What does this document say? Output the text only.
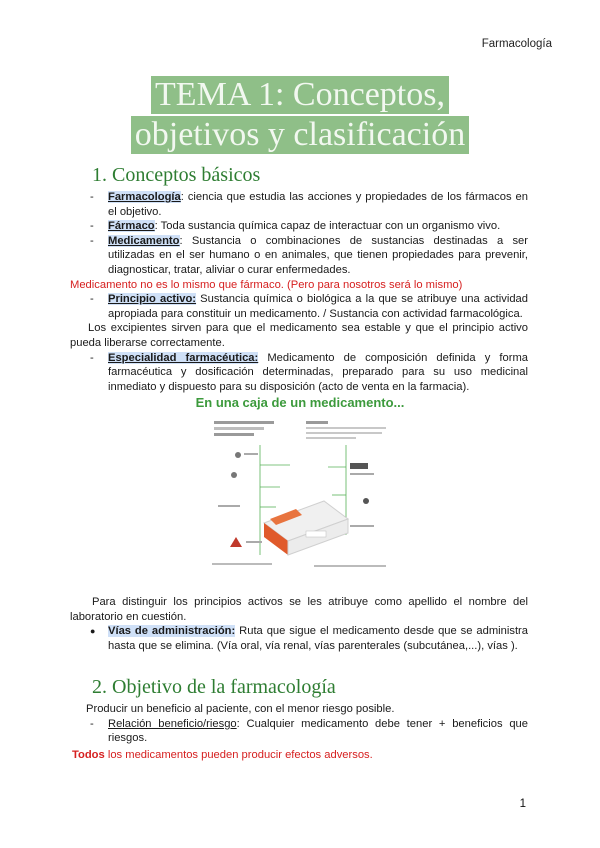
Farmacología
TEMA 1: Conceptos,
objetivos y clasificación
1. Conceptos básicos
- Farmacología: ciencia que estudia las acciones y propiedades de los fármacos en el objetivo.
- Fármaco: Toda sustancia química capaz de interactuar con un organismo vivo.
- Medicamento: Sustancia o combinaciones de sustancias destinadas a ser utilizadas en el ser humano o en animales, que tienen propiedades para prevenir, diagnosticar, tratar, aliviar o curar enfermedades.
Medicamento no es lo mismo que fármaco. (Pero para nosotros será lo mismo)
- Principio activo: Sustancia química o biológica a la que se atribuye una actividad apropiada para constituir un medicamento. / Sustancia con actividad farmacológica.
Los excipientes sirven para que el medicamento sea estable y que el principio activo pueda liberarse correctamente.
- Especialidad farmacéutica: Medicamento de composición definida y forma farmacéutica y dosificación determinadas, preparado para su uso medicinal inmediato y dispuesto para su disposición (acto de venta en la farmacia).
En una caja de un medicamento...
Para distinguir los principios activos se les atribuye como apellido el nombre del laboratorio en cuestión.
● Vías de administración: Ruta que sigue el medicamento desde que se administra hasta que se elimina. (Vía oral, vía renal, vías parenterales (subcutánea,...), vías ).
2. Objetivo de la farmacología
Producir un beneficio al paciente, con el menor riesgo posible.
- Relación beneficio/riesgo: Cualquier medicamento debe tener + beneficios que riesgos.
Todos los medicamentos pueden producir efectos adversos.
1
